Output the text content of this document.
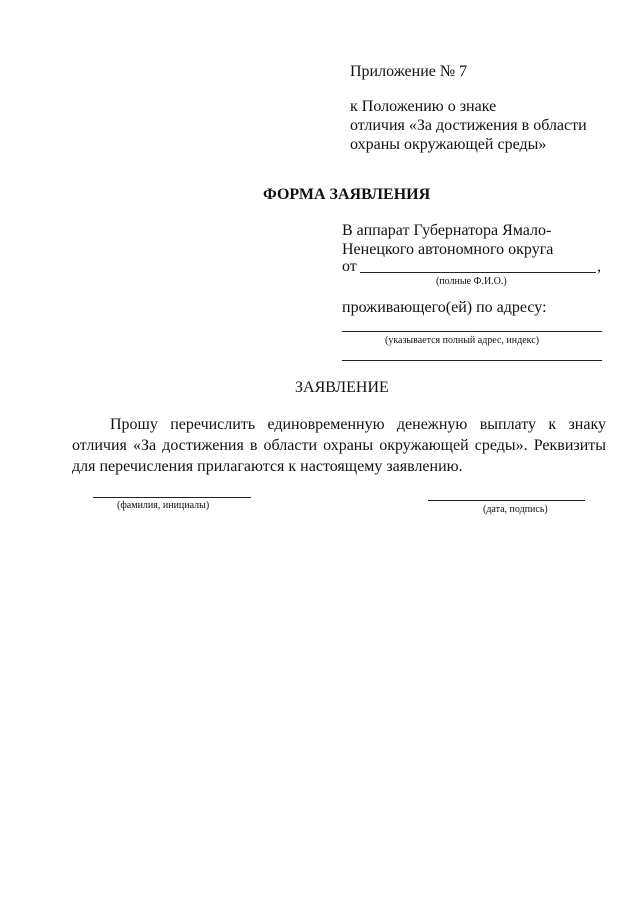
Приложение № 7
к Положению о знаке
отличия «За достижения в области
охраны окружающей среды»
ФОРМА ЗАЯВЛЕНИЯ
В аппарат Губернатора Ямало-
Ненецкого автономного округа
от	,
(полные Ф.И.О.)
проживающего(ей) по адресу:
(указывается полный адрес, индекс)
ЗАЯВЛЕНИЕ

Прошу перечислить единовременную денежную выплату к знаку отличия «За достижения в области охраны окружающей среды». Реквизиты для перечисления прилагаются к настоящему заявлению.

(фамилия, инициалы)	(дата, подпись)
